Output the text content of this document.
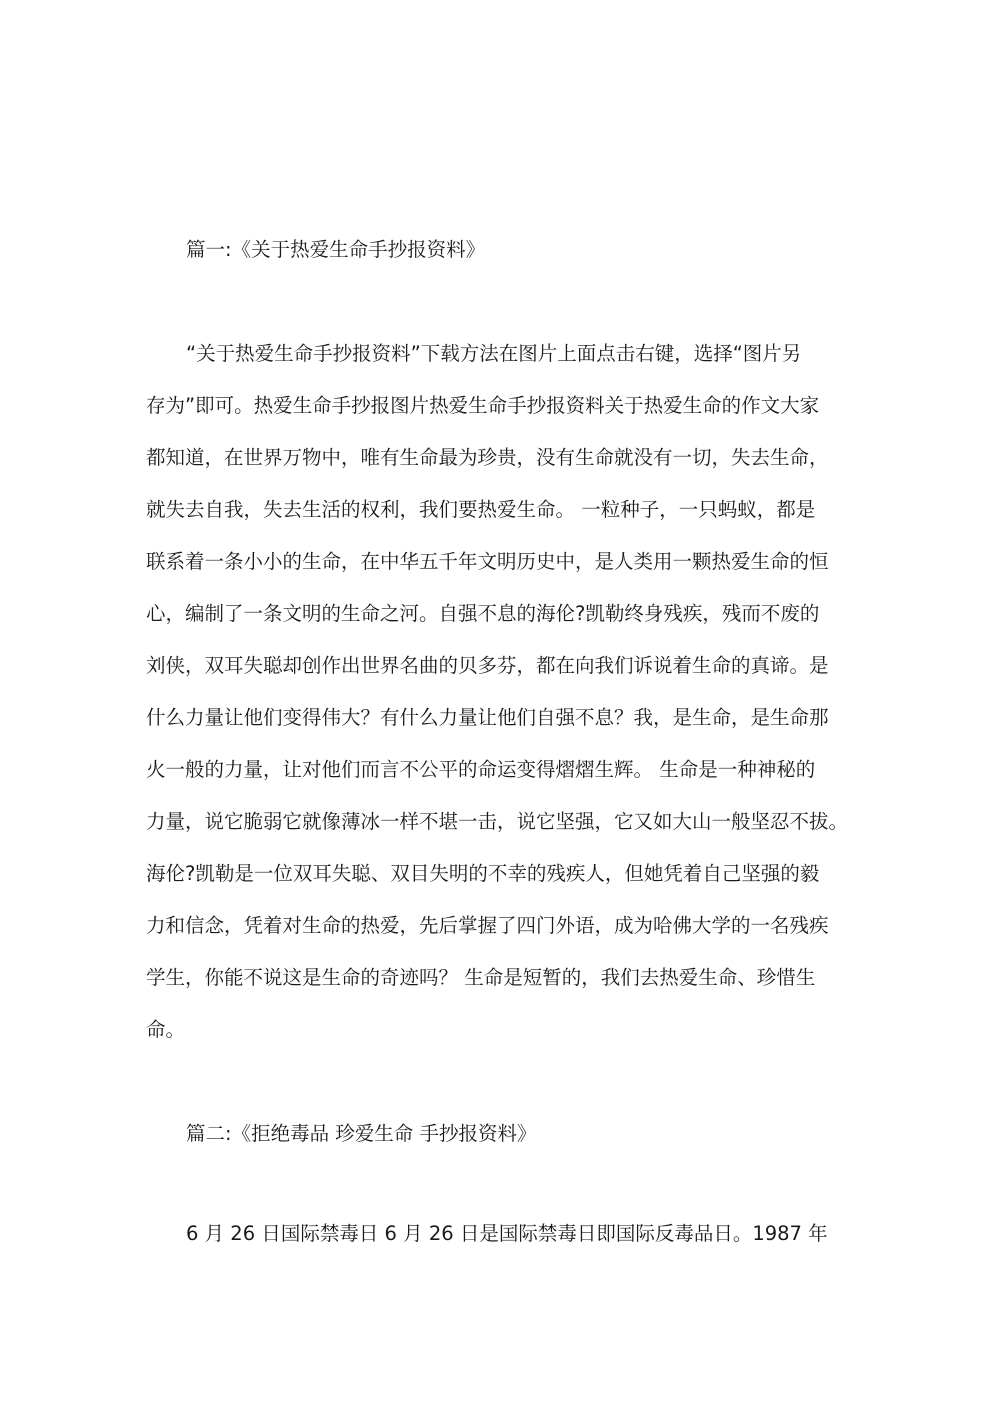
篇一:《关于热爱生命手抄报资料》
“关于热爱生命手抄报资料”下载方法在图片上面点击右键，选择“图片另
存为”即可。热爱生命手抄报图片热爱生命手抄报资料关于热爱生命的作文大家
都知道，在世界万物中，唯有生命最为珍贵，没有生命就没有一切，失去生命，
就失去自我，失去生活的权利，我们要热爱生命。 一粒种子，一只蚂蚁，都是
联系着一条小小的生命，在中华五千年文明历史中，是人类用一颗热爱生命的恒
心，编制了一条文明的生命之河。自强不息的海伦?凯勒终身残疾，残而不废的
刘侠，双耳失聪却创作出世界名曲的贝多芬，都在向我们诉说着生命的真谛。是
什么力量让他们变得伟大？有什么力量让他们自强不息？我，是生命，是生命那
火一般的力量，让对他们而言不公平的命运变得熠熠生辉。 生命是一种神秘的
力量，说它脆弱它就像薄冰一样不堪一击，说它坚强，它又如大山一般坚忍不拔。
海伦?凯勒是一位双耳失聪、双目失明的不幸的残疾人，但她凭着自己坚强的毅
力和信念，凭着对生命的热爱，先后掌握了四门外语，成为哈佛大学的一名残疾
学生，你能不说这是生命的奇迹吗？ 生命是短暂的，我们去热爱生命、珍惜生
命。
篇二:《拒绝毒品 珍爱生命 手抄报资料》
6 月 26 日国际禁毒日 6 月 26 日是国际禁毒日即国际反毒品日。1987 年
